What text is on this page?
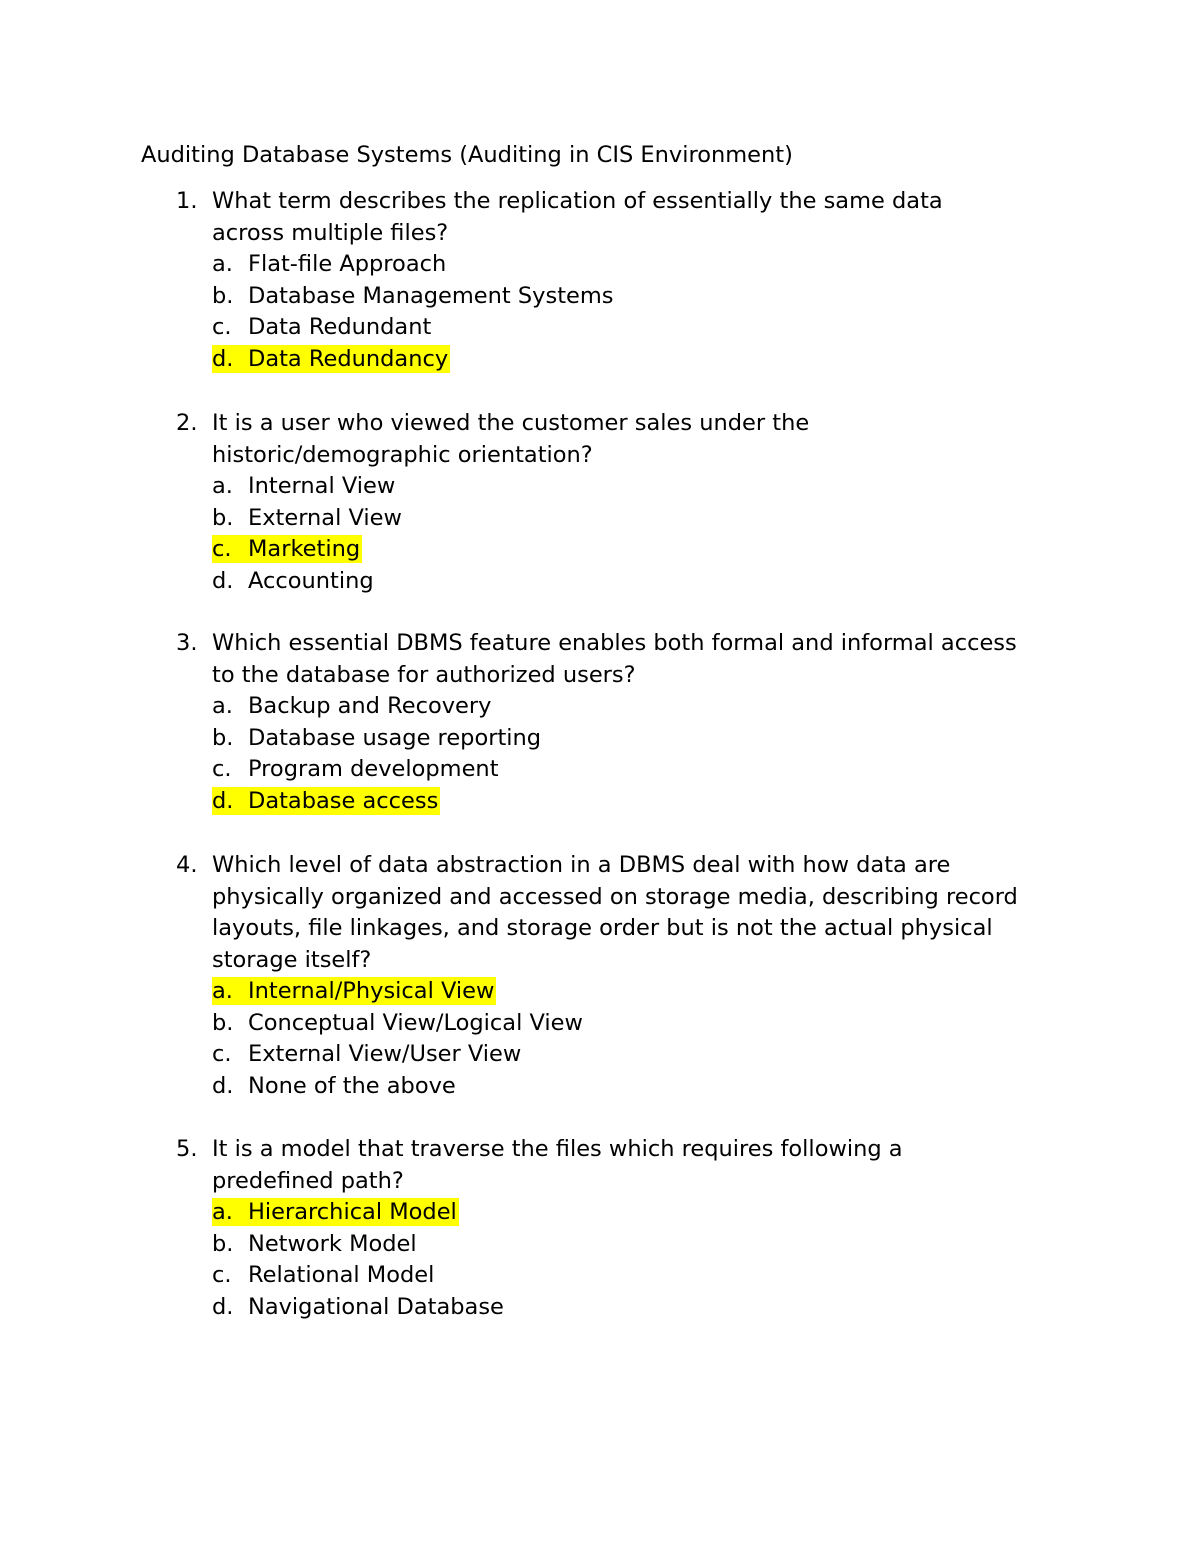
Auditing Database Systems (Auditing in CIS Environment)
1. What term describes the replication of essentially the same data
across multiple files?
a. Flat-file Approach
b. Database Management Systems
c. Data Redundant
d. Data Redundancy
2. It is a user who viewed the customer sales under the
historic/demographic orientation?
a. Internal View
b. External View
c. Marketing
d. Accounting
3. Which essential DBMS feature enables both formal and informal access
to the database for authorized users?
a. Backup and Recovery
b. Database usage reporting
c. Program development
d. Database access
4. Which level of data abstraction in a DBMS deal with how data are
physically organized and accessed on storage media, describing record
layouts, file linkages, and storage order but is not the actual physical
storage itself?
a. Internal/Physical View
b. Conceptual View/Logical View
c. External View/User View
d. None of the above
5. It is a model that traverse the files which requires following a
predefined path?
a. Hierarchical Model
b. Network Model
c. Relational Model
d. Navigational Database
